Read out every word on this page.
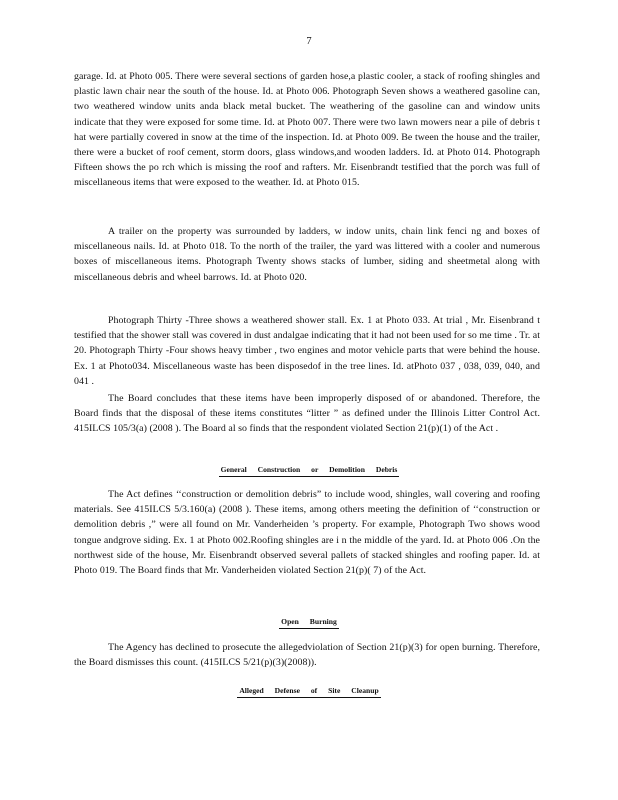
7

garage. Id. at Photo 005. There were several sections of garden hose,a plastic cooler, a stack of roofing shingles and plastic lawn chair near the south of the house. Id. at Photo 006. Photograph Seven shows a weathered gasoline can, two weathered window units anda black metal bucket. The weathering of the gasoline can and window units indicate that they were exposed for some time. Id. at Photo 007. There were two lawn mowers near a pile of debris t hat were partially covered in snow at the time of the inspection. Id. at Photo 009. Be tween the house and the trailer, there were a bucket of roof cement, storm doors, glass windows,and wooden ladders. Id. at Photo 014. Photograph Fifteen shows the po rch which is missing the roof and rafters. Mr. Eisenbrandt testified that the porch was full of miscellaneous items that were exposed to the weather. Id. at Photo 015.

A trailer on the property was surrounded by ladders, w indow units, chain link fenci ng and boxes of miscellaneous nails. Id. at Photo 018. To the north of the trailer, the yard was littered with a cooler and numerous boxes of miscellaneous items. Photograph Twenty shows stacks of lumber, siding and sheetmetal along with miscellaneous debris and wheel barrows. Id. at Photo 020.

Photograph Thirty -Three shows a weathered shower stall. Ex. 1 at Photo 033. At trial , Mr. Eisenbrand t testified that the shower stall was covered in dust andalgae indicating that it had not been used for so me time . Tr. at 20. Photograph Thirty -Four shows heavy timber , two engines and motor vehicle parts that were behind the house. Ex. 1 at Photo034. Miscellaneous waste has been disposedof in the tree lines. Id. atPhoto 037 , 038, 039, 040, and 041 .

The Board concludes that these items have been improperly disposed of or abandoned. Therefore, the Board finds that the disposal of these items constitutes “litter ” as defined under the Illinois Litter Control Act. 415ILCS 105/3(a) (2008 ). The Board al so finds that the respondent violated Section 21(p)(1) of the Act .

General Construction or Demolition Debris

The Act defines ‘‘construction or demolition debris” to include wood, shingles, wall covering and roofing materials. See 415ILCS 5/3.160(a) (2008 ). These items, among others meeting the definition of ‘‘construction or demolition debris ,” were all found on Mr. Vanderheiden ’s property. For example, Photograph Two shows wood tongue andgrove siding. Ex. 1 at Photo 002.Roofing shingles are i n the middle of the yard. Id. at Photo 006 .On the northwest side of the house, Mr. Eisenbrandt observed several pallets of stacked shingles and roofing paper. Id. at Photo 019. The Board finds that Mr. Vanderheiden violated Section 21(p)( 7) of the Act.

Open Burning

The Agency has declined to prosecute the allegedviolation of Section 21(p)(3) for open burning. Therefore, the Board dismisses this count. (415ILCS 5/21(p)(3)(2008)).

Alleged Defense of Site Cleanup
